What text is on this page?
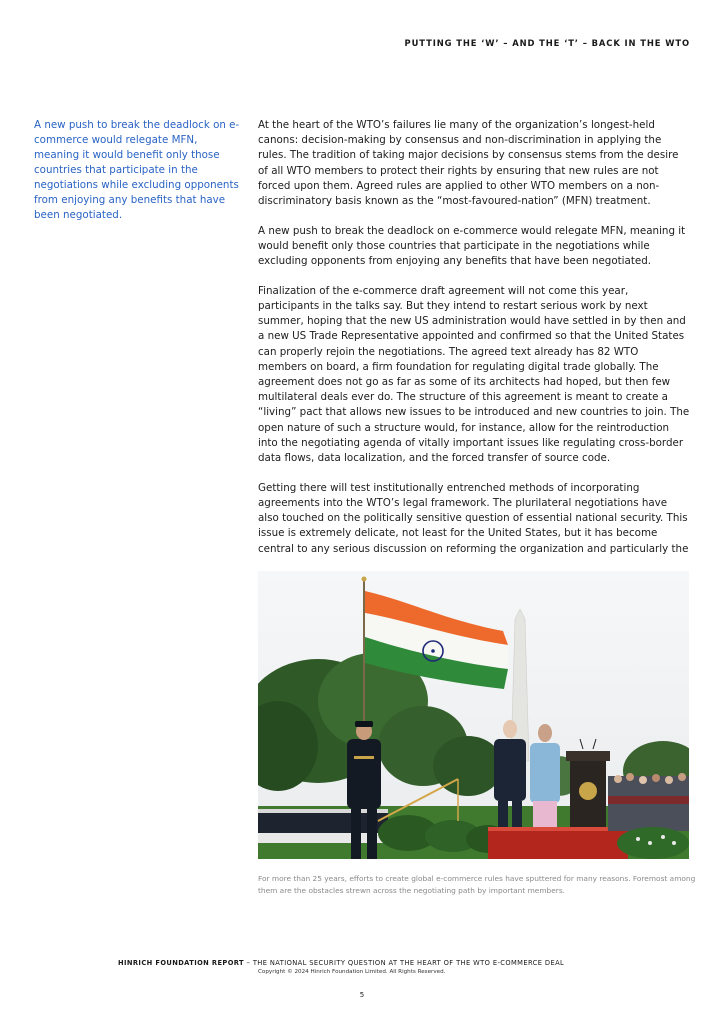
PUTTING THE ‘W’ – AND THE ‘T’ – BACK IN THE WTO
A new push to break the deadlock on e-commerce would relegate MFN, meaning it would benefit only those countries that participate in the negotiations while excluding opponents from enjoying any benefits that have been negotiated.

At the heart of the WTO’s failures lie many of the organization’s longest-held canons: decision-making by consensus and non-discrimination in applying the rules. The tradition of taking major decisions by consensus stems from the desire of all WTO members to protect their rights by ensuring that new rules are not forced upon them. Agreed rules are applied to other WTO members on a non-discriminatory basis known as the “most-favoured-nation” (MFN) treatment.

A new push to break the deadlock on e-commerce would relegate MFN, meaning it would benefit only those countries that participate in the negotiations while excluding opponents from enjoying any benefits that have been negotiated.

Finalization of the e-commerce draft agreement will not come this year, participants in the talks say. But they intend to restart serious work by next summer, hoping that the new US administration would have settled in by then and a new US Trade Representative appointed and confirmed so that the United States can properly rejoin the negotiations. The agreed text already has 82 WTO members on board, a firm foundation for regulating digital trade globally. The agreement does not go as far as some of its architects had hoped, but then few multilateral deals ever do. The structure of this agreement is meant to create a “living” pact that allows new issues to be introduced and new countries to join. The open nature of such a structure would, for instance, allow for the reintroduction into the negotiating agenda of vitally important issues like regulating cross-border data flows, data localization, and the forced transfer of source code.

Getting there will test institutionally entrenched methods of incorporating agreements into the WTO’s legal framework. The plurilateral negotiations have also touched on the politically sensitive question of essential national security. This issue is extremely delicate, not least for the United States, but it has become central to any serious discussion on reforming the organization and particularly the

For more than 25 years, efforts to create global e-commerce rules have sputtered for many reasons. Foremost among them are the obstacles strewn across the negotiating path by important members.
HINRICH FOUNDATION REPORT – THE NATIONAL SECURITY QUESTION AT THE HEART OF THE WTO E-COMMERCE DEAL
Copyright © 2024 Hinrich Foundation Limited. All Rights Reserved.
5
